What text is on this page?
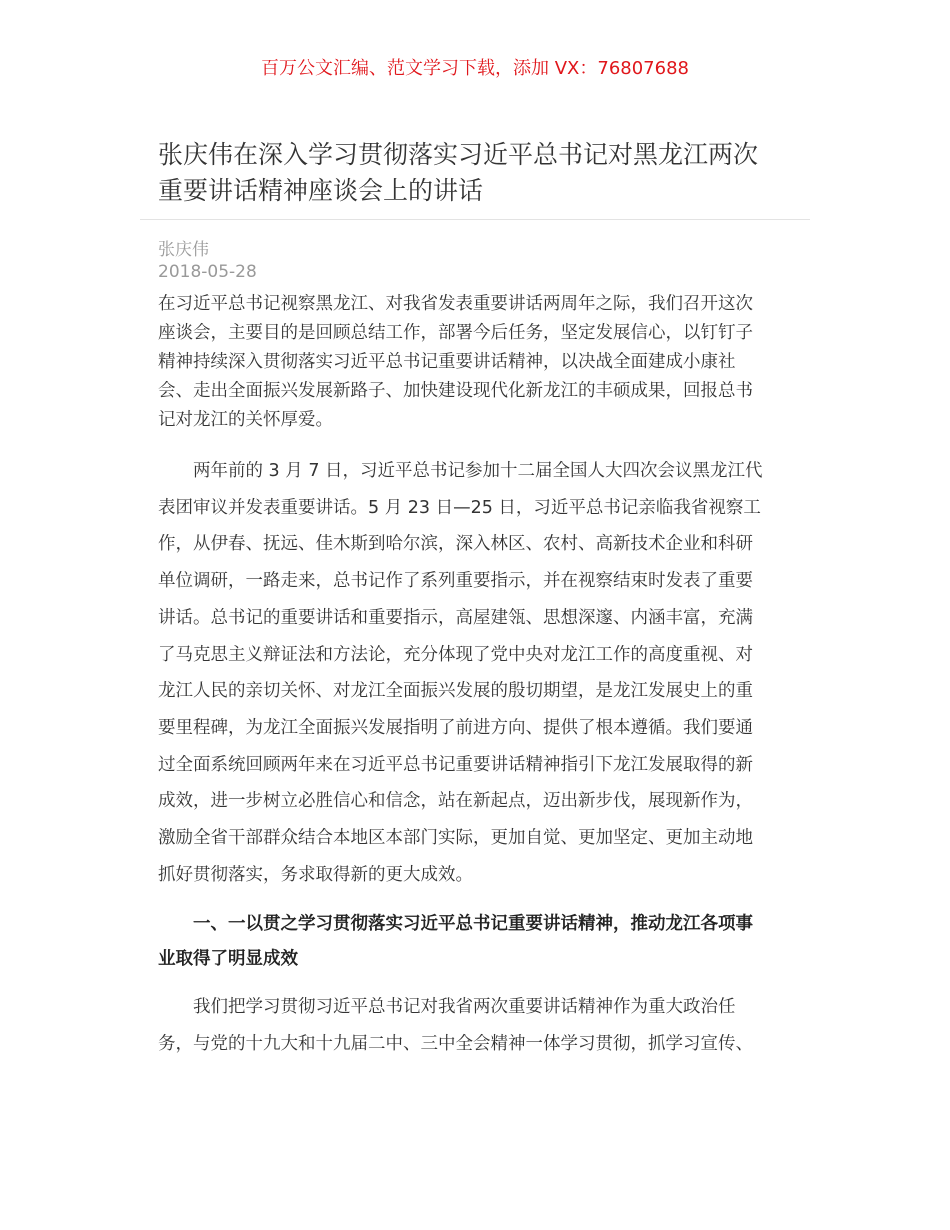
百万公文汇编、范文学习下载，添加 VX：76807688
张庆伟在深入学习贯彻落实习近平总书记对黑龙江两次
重要讲话精神座谈会上的讲话
张庆伟
2018-05-28
在习近平总书记视察黑龙江、对我省发表重要讲话两周年之际，我们召开这次
座谈会，主要目的是回顾总结工作，部署今后任务，坚定发展信心，以钉钉子
精神持续深入贯彻落实习近平总书记重要讲话精神，以决战全面建成小康社
会、走出全面振兴发展新路子、加快建设现代化新龙江的丰硕成果，回报总书
记对龙江的关怀厚爱。
　　两年前的 3 月 7 日，习近平总书记参加十二届全国人大四次会议黑龙江代
表团审议并发表重要讲话。5 月 23 日—25 日，习近平总书记亲临我省视察工
作，从伊春、抚远、佳木斯到哈尔滨，深入林区、农村、高新技术企业和科研
单位调研，一路走来，总书记作了系列重要指示，并在视察结束时发表了重要
讲话。总书记的重要讲话和重要指示，高屋建瓴、思想深邃、内涵丰富，充满
了马克思主义辩证法和方法论，充分体现了党中央对龙江工作的高度重视、对
龙江人民的亲切关怀、对龙江全面振兴发展的殷切期望，是龙江发展史上的重
要里程碑，为龙江全面振兴发展指明了前进方向、提供了根本遵循。我们要通
过全面系统回顾两年来在习近平总书记重要讲话精神指引下龙江发展取得的新
成效，进一步树立必胜信心和信念，站在新起点，迈出新步伐，展现新作为，
激励全省干部群众结合本地区本部门实际，更加自觉、更加坚定、更加主动地
抓好贯彻落实，务求取得新的更大成效。
　　一、一以贯之学习贯彻落实习近平总书记重要讲话精神，推动龙江各项事
业取得了明显成效
　　我们把学习贯彻习近平总书记对我省两次重要讲话精神作为重大政治任
务，与党的十九大和十九届二中、三中全会精神一体学习贯彻，抓学习宣传、
